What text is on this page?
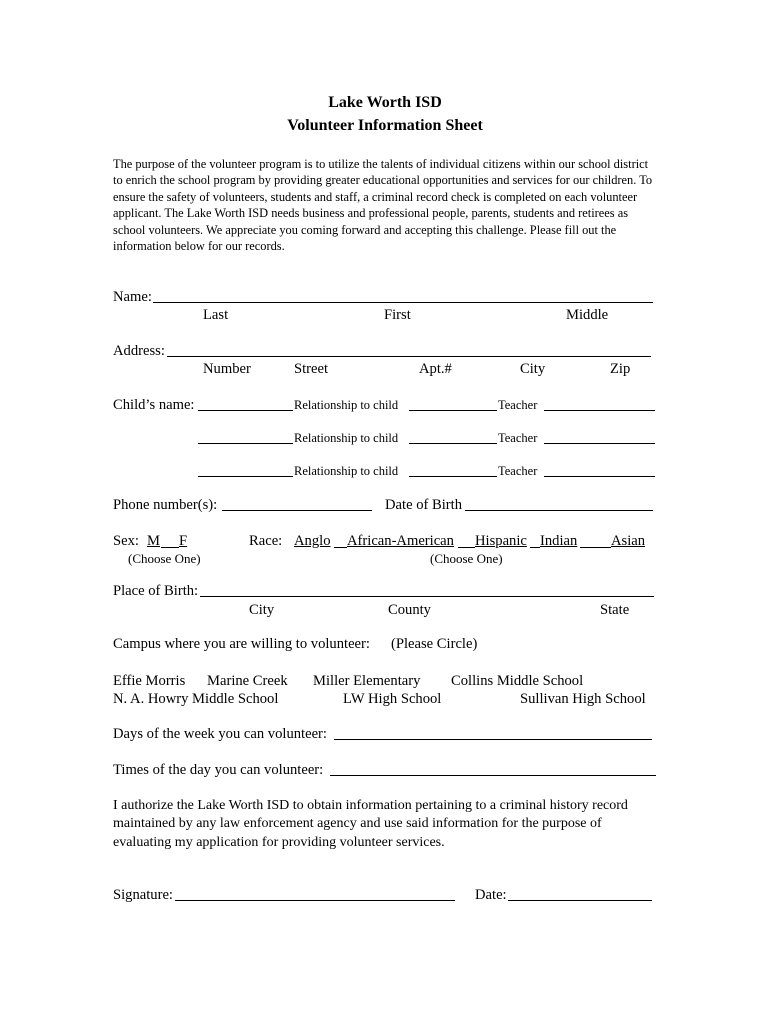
Lake Worth ISD
Volunteer Information Sheet
The purpose of the volunteer program is to utilize the talents of individual citizens within our school district to enrich the school program by providing greater educational opportunities and services for our children. To ensure the safety of volunteers, students and staff, a criminal record check is completed on each volunteer applicant. The Lake Worth ISD needs business and professional people, parents, students and retirees as school volunteers. We appreciate you coming forward and accepting this challenge. Please fill out the information below for our records.
Name:
Last	First	Middle
Address:
Number	Street	Apt.#	City	Zip
Child’s name:	Relationship to child	Teacher
Relationship to child	Teacher
Relationship to child	Teacher
Phone number(s):	Date of Birth
Sex: M F
(Choose One)
Race: Anglo African-American Hispanic Indian Asian
(Choose One)
Place of Birth:
City	County	State
Campus where you are willing to volunteer: (Please Circle)
Effie Morris Marine Creek Miller Elementary Collins Middle School
N. A. Howry Middle School	LW High School	Sullivan High School
Days of the week you can volunteer:
Times of the day you can volunteer:
I authorize the Lake Worth ISD to obtain information pertaining to a criminal history record maintained by any law enforcement agency and use said information for the purpose of evaluating my application for providing volunteer services.
Signature:	Date:
